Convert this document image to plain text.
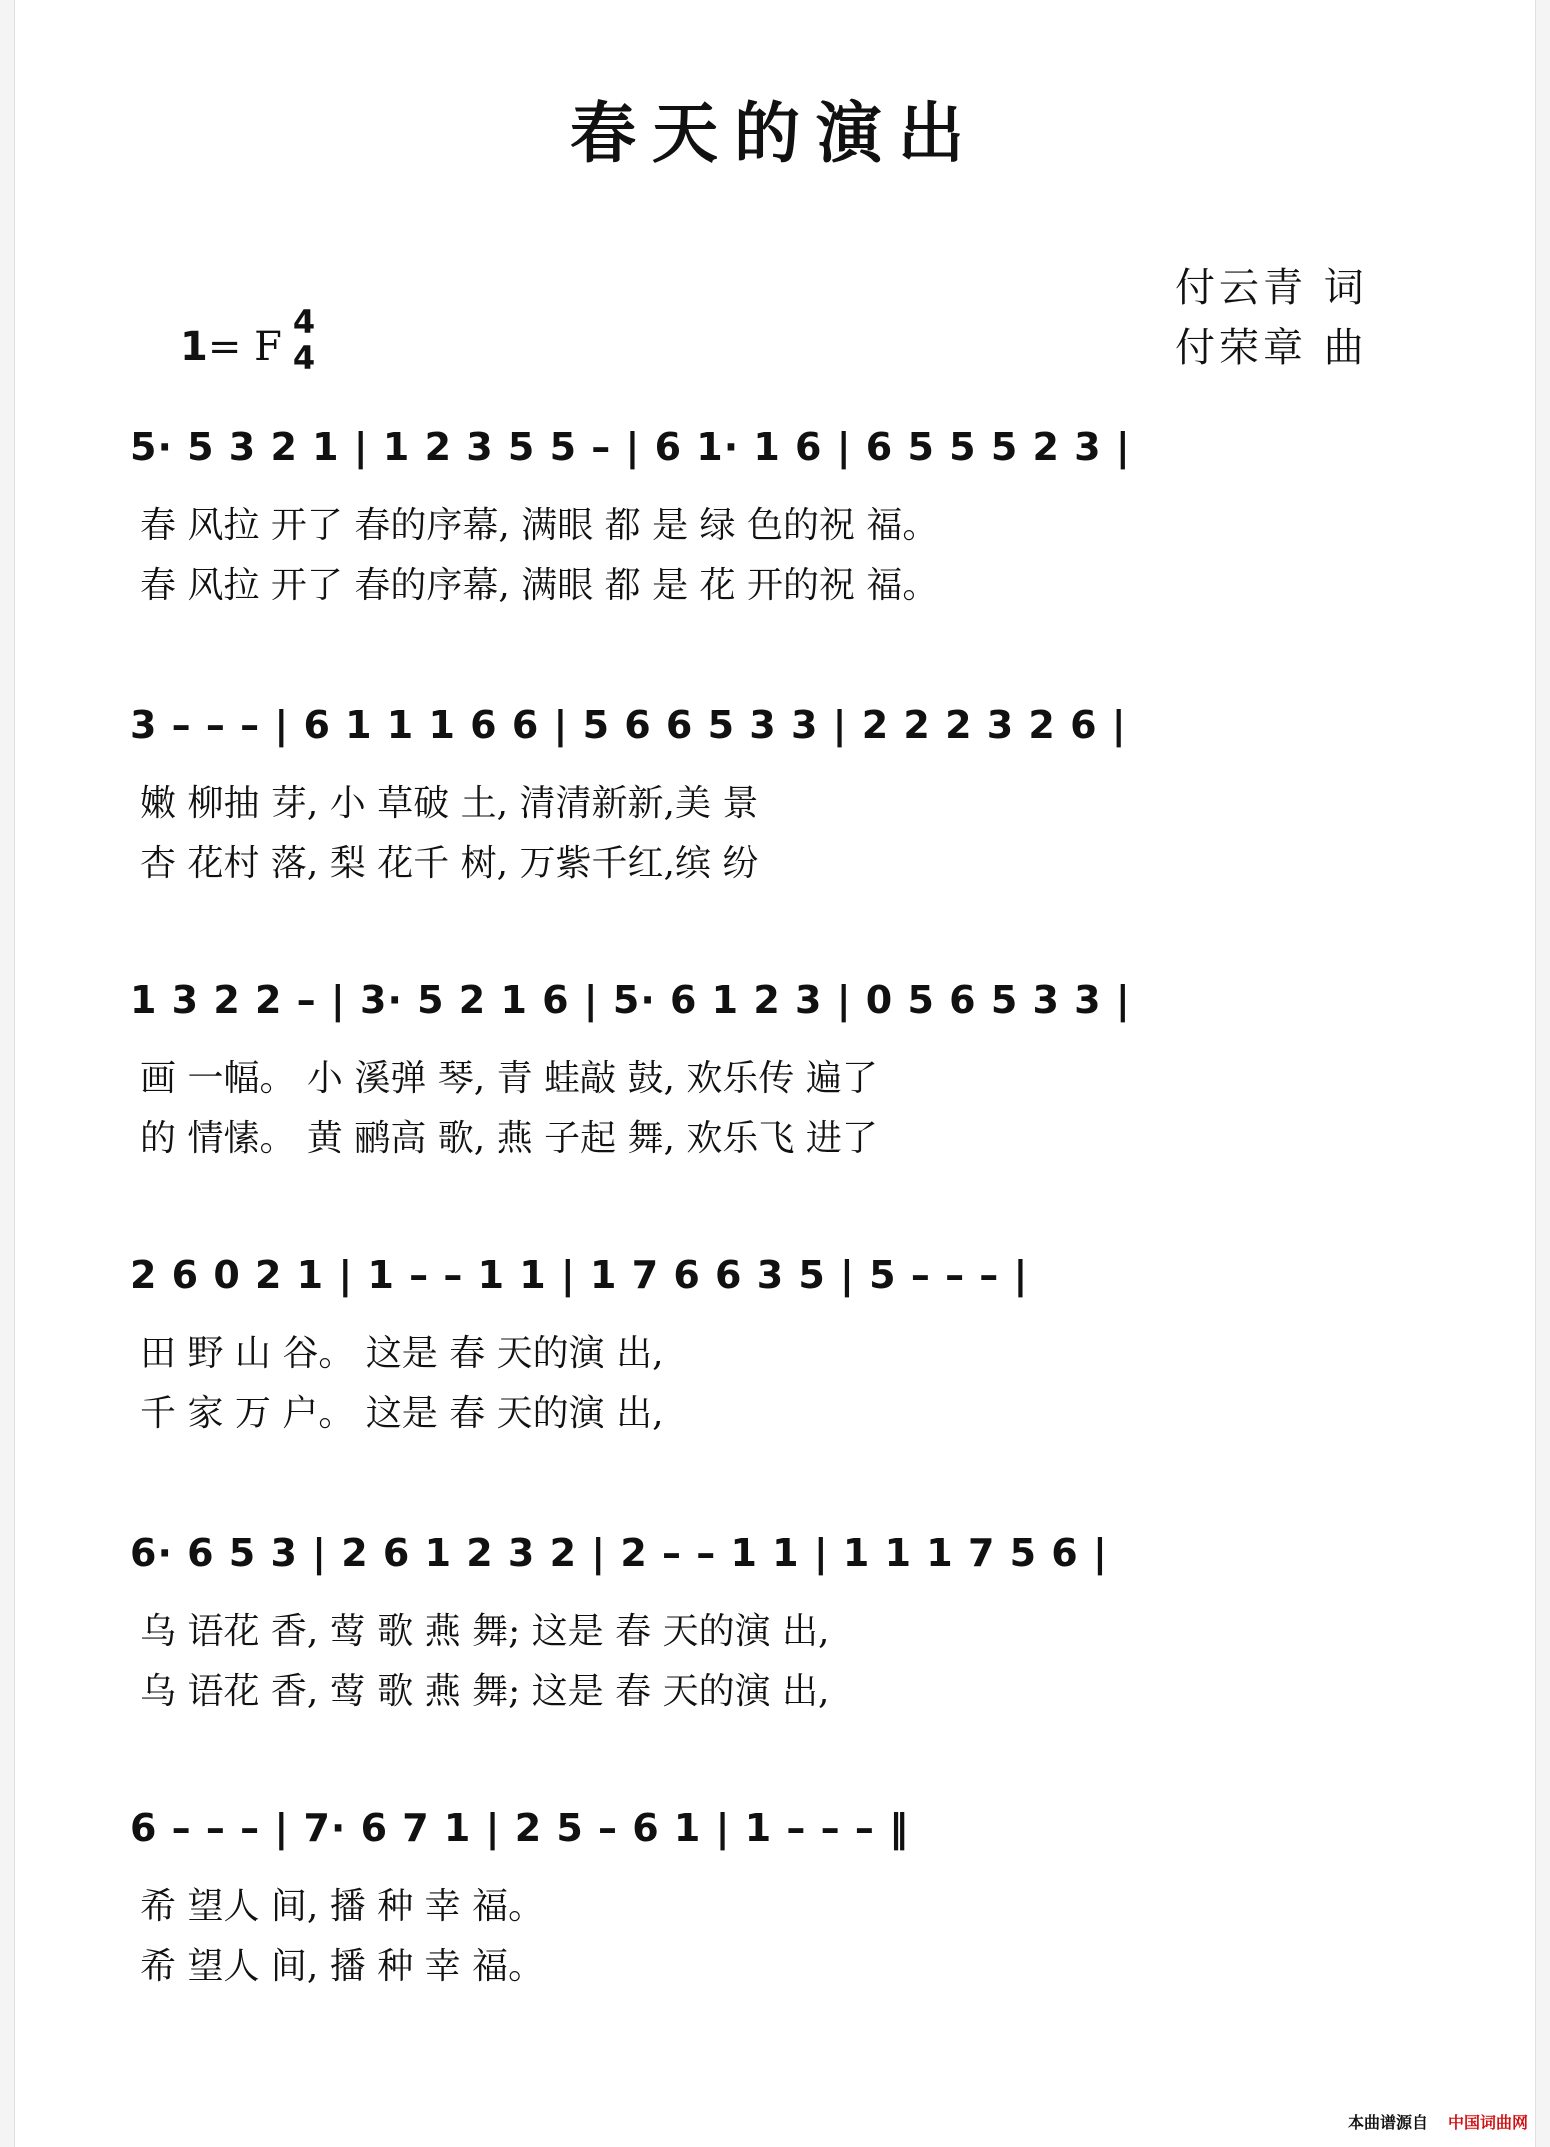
春天的演出
付云青 词
付荣章 曲
1= F
4
4
5· 5 3 2 1 | 1 2 3 5 5 – | 6 1· 1 6 | 6 5 5 5 2 3 |
春 风拉 开了 春的序幕, 满眼 都 是 绿 色的祝 福。
春 风拉 开了 春的序幕, 满眼 都 是 花 开的祝 福。
3 – – – | 6 1 1 1 6 6 | 5 6 6 5 3 3 | 2 2 2 3 2 6 |
嫩 柳抽 芽, 小 草破 土, 清清新新,美 景
杏 花村 落, 梨 花千 树, 万紫千红,缤 纷
1 3 2 2 – | 3· 5 2 1 6 | 5· 6 1 2 3 | 0 5 6 5 3 3 |
画 一幅。 小 溪弹 琴, 青 蛙敲 鼓, 欢乐传 遍了
的 情愫。 黄 鹂高 歌, 燕 子起 舞, 欢乐飞 进了
2 6 0 2 1 | 1 – – 1 1 | 1 7 6 6 3 5 | 5 – – – |
田 野 山 谷。 这是 春 天的演 出,
千 家 万 户。 这是 春 天的演 出,
6· 6 5 3 | 2 6 1 2 3 2 | 2 – – 1 1 | 1 1 1 7 5 6 |
乌 语花 香, 莺 歌 燕 舞; 这是 春 天的演 出,
乌 语花 香, 莺 歌 燕 舞; 这是 春 天的演 出,
6 – – – | 7· 6 7 1 | 2 5 – 6 1 | 1 – – – ‖
希 望人 间, 播 种 幸 福。
希 望人 间, 播 种 幸 福。
本曲谱源自 中国词曲网
